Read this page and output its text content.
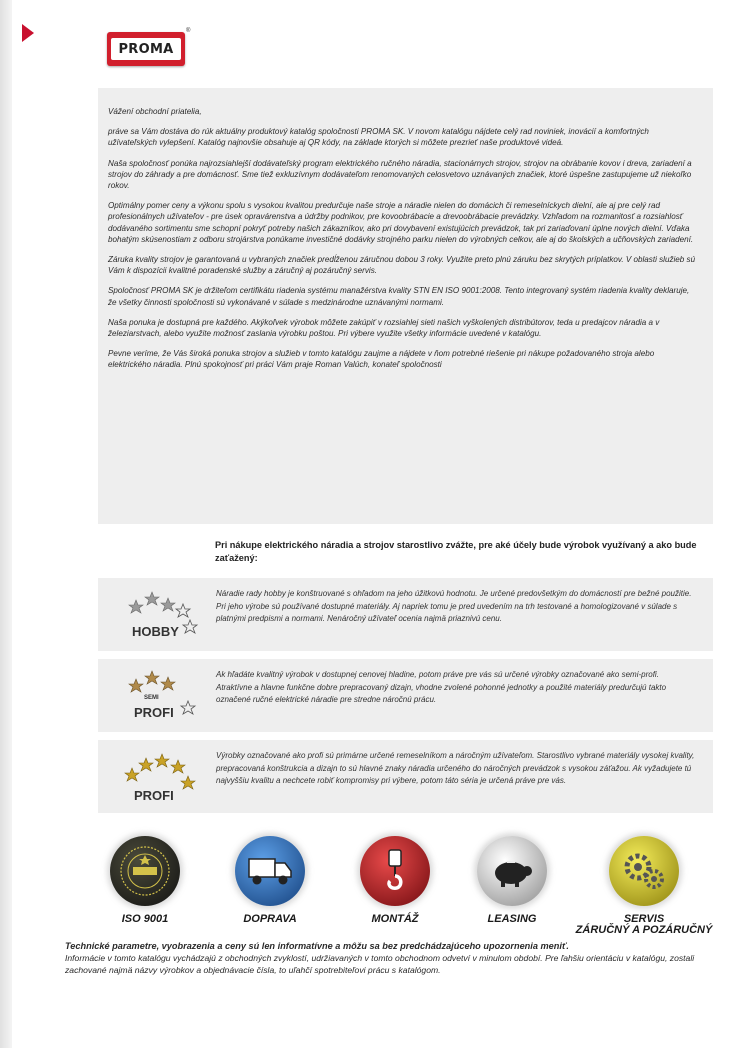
PROMA
®

Vážení obchodní priatelia,

práve sa Vám dostáva do rúk aktuálny produktový katalóg spoločnosti PROMA SK. V novom katalógu nájdete celý rad noviniek, inovácií a komfortných užívateľských vylepšení. Katalóg najnovšie obsahuje aj QR kódy, na základe ktorých si môžete prezrieť naše produktové videá.

Naša spoločnosť ponúka najrozsiahlejší dodávateľský program elektrického ručného náradia, stacionárnych strojov, strojov na obrábanie kovov i dreva, zariadení a strojov do záhrady a pre domácnosť. Sme tiež exkluzívnym dodávateľom renomovaných celosvetovo uznávaných značiek, ktoré úspešne zastupujeme už niekoľko rokov.

Optimálny pomer ceny a výkonu spolu s vysokou kvalitou predurčuje naše stroje a náradie nielen do domácich či remeselníckych dielní, ale aj pre celý rad profesionálnych užívateľov - pre úsek opravárenstva a údržby podnikov, pre kovoobrábacie a drevoobrábacie prevádzky. Vzhľadom na rozmanitosť a rozsiahlosť dodávaného sortimentu sme schopní pokryť potreby našich zákazníkov, ako pri dovybavení existujúcich prevádzok, tak pri zariaďovaní úplne nových dielní. Vďaka bohatým skúsenostiam z odboru strojárstva ponúkame investičné dodávky strojného parku nielen do výrobných celkov, ale aj do školských a učňovských zariadení.

Záruka kvality strojov je garantovaná u vybraných značiek predĺženou záručnou dobou 3 roky. Využite preto plnú záruku bez skrytých príplatkov. V oblasti služieb sú Vám k dispozícii kvalitné poradenské služby a záručný aj pozáručný servis.

Spoločnosť PROMA SK je držiteľom certifikátu riadenia systému manažérstva kvality STN EN ISO 9001:2008. Tento integrovaný systém riadenia kvality deklaruje, že všetky činnosti spoločnosti sú vykonávané v súlade s medzinárodne uznávanými normami.

Naša ponuka je dostupná pre každého. Akýkoľvek výrobok môžete zakúpiť v rozsiahlej sieti našich vyškolených distribútorov, teda u predajcov náradia a v železiarstvach, alebo využite možnosť zaslania výrobku poštou. Pri výbere využite všetky informácie uvedené v katalógu.

Pevne veríme, že Vás široká ponuka strojov a služieb v tomto katalógu zaujme a nájdete v ňom potrebné riešenie pri nákupe požadovaného stroja alebo elektrického náradia. Plnú spokojnosť pri práci Vám praje Roman Valúch, konateľ spoločnosti

Pri nákupe elektrického náradia a strojov starostlivo zvážte, pre aké účely bude výrobok využívaný a ako bude zaťažený:
HOBBY
Náradie rady hobby je konštruované s ohľadom na jeho úžitkovú hodnotu. Je určené predovšetkým do domácností pre bežné použitie. Pri jeho výrobe sú používané dostupné materiály. Aj napriek tomu je pred uvedením na trh testované a homologizované v súlade s platnými predpismi a normami. Nenáročný užívateľ ocenia najmä priaznivú cenu.
SEMI
PROFI
Ak hľadáte kvalitný výrobok v dostupnej cenovej hladine, potom práve pre vás sú určené výrobky označované ako semi-profi. Atraktívne a hlavne funkčne dobre prepracovaný dizajn, vhodne zvolené pohonné jednotky a použité materiály predurčujú takto označené ručné elektrické náradie pre stredne náročnú prácu.
PROFI
Výrobky označované ako profi sú primárne určené remeselníkom a náročným užívateľom. Starostlivo vybrané materiály vysokej kvality, prepracovaná konštrukcia a dizajn to sú hlavné znaky náradia určeného do náročných prevádzok s vysokou záťažou. Ak vyžadujete tú najvyššiu kvalitu a nechcete robiť kompromisy pri výbere, potom táto séria je určená práve pre vás.
ISO 9001	DOPRAVA	MONTÁŽ	LEASING	SERVIS
ZÁRUČNÝ A POZÁRUČNÝ
Technické parametre, vyobrazenia a ceny sú len informatívne a môžu sa bez predchádzajúceho upozornenia meniť.
Informácie v tomto katalógu vychádzajú z obchodných zvyklostí, udržiavaných v tomto obchodnom odvetví v minulom období. Pre ľahšiu orientáciu v katalógu, zostali zachované najmä názvy výrobkov a objednávacie čísla, to uľahčí spotrebiteľovi prácu s katalógom.
